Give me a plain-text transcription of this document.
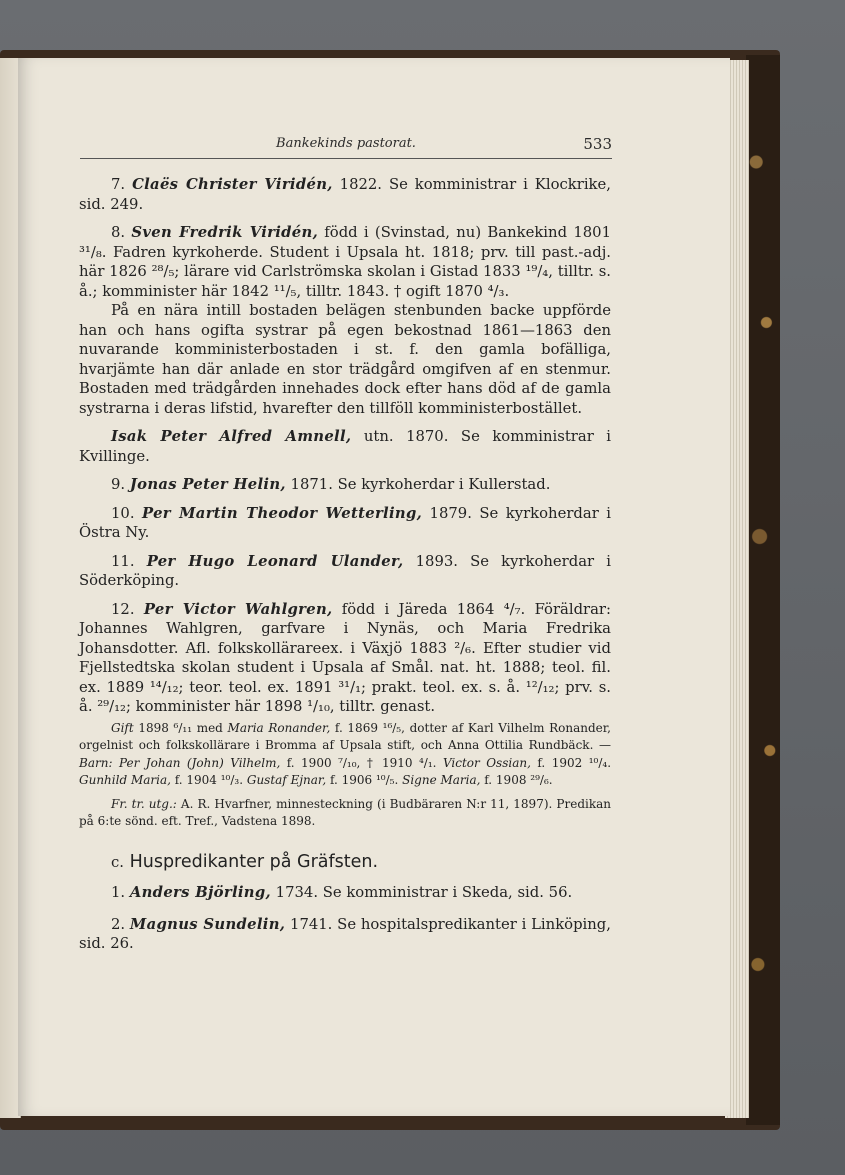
Bankekinds pastorat.	533

7. Claës Christer Viridén, 1822. Se komministrar i Klockrike, sid. 249.

8. Sven Fredrik Viridén, född i (Svinstad, nu) Bankekind 1801 ³¹/₈. Fadren kyrkoherde. Student i Upsala ht. 1818; prv. till past.-adj. här 1826 ²⁸/₅; lärare vid Carlströmska skolan i Gistad 1833 ¹⁹/₄, tilltr. s. å.; komminister här 1842 ¹¹/₅, tilltr. 1843. † ogift 1870 ⁴/₃.

På en nära intill bostaden belägen stenbunden backe uppförde han och hans ogifta systrar på egen bekostnad 1861—1863 den nuvarande komministerbostaden i st. f. den gamla bofälliga, hvarjämte han där anlade en stor trädgård omgifven af en stenmur. Bostaden med trädgården innehades dock efter hans död af de gamla systrarna i deras lifstid, hvarefter den tillföll komministerbostället.

Isak Peter Alfred Amnell, utn. 1870. Se komministrar i Kvillinge.

9. Jonas Peter Helin, 1871. Se kyrkoherdar i Kullerstad.

10. Per Martin Theodor Wetterling, 1879. Se kyrkoherdar i Östra Ny.

11. Per Hugo Leonard Ulander, 1893. Se kyrkoherdar i Söderköping.

12. Per Victor Wahlgren, född i Järeda 1864 ⁴/₇. Föräldrar: Johannes Wahlgren, garfvare i Nynäs, och Maria Fredrika Johansdotter. Afl. folkskollärareex. i Växjö 1883 ²/₆. Efter studier vid Fjellstedtska skolan student i Upsala af Smål. nat. ht. 1888; teol. fil. ex. 1889 ¹⁴/₁₂; teor. teol. ex. 1891 ³¹/₁; prakt. teol. ex. s. å. ¹²/₁₂; prv. s. å. ²⁹/₁₂; komminister här 1898 ¹/₁₀, tilltr. genast.

Gift 1898 ⁶/₁₁ med Maria Ronander, f. 1869 ¹⁶/₅, dotter af Karl Vilhelm Ronander, orgelnist och folkskollärare i Bromma af Upsala stift, och Anna Ottilia Rundbäck. — Barn: Per Johan (John) Vilhelm, f. 1900 ⁷/₁₀, † 1910 ⁴/₁. Victor Ossian, f. 1902 ¹⁰/₄. Gunhild Maria, f. 1904 ¹⁰/₃. Gustaf Ejnar, f. 1906 ¹⁰/₅. Signe Maria, f. 1908 ²⁹/₆.

Fr. tr. utg.: A. R. Hvarfner, minnesteckning (i Budbäraren N:r 11, 1897). Predikan på 6:te sönd. eft. Tref., Vadstena 1898.

c. Huspredikanter på Gräfsten.

1. Anders Björling, 1734. Se komministrar i Skeda, sid. 56.

2. Magnus Sundelin, 1741. Se hospitalspredikanter i Linköping, sid. 26.
